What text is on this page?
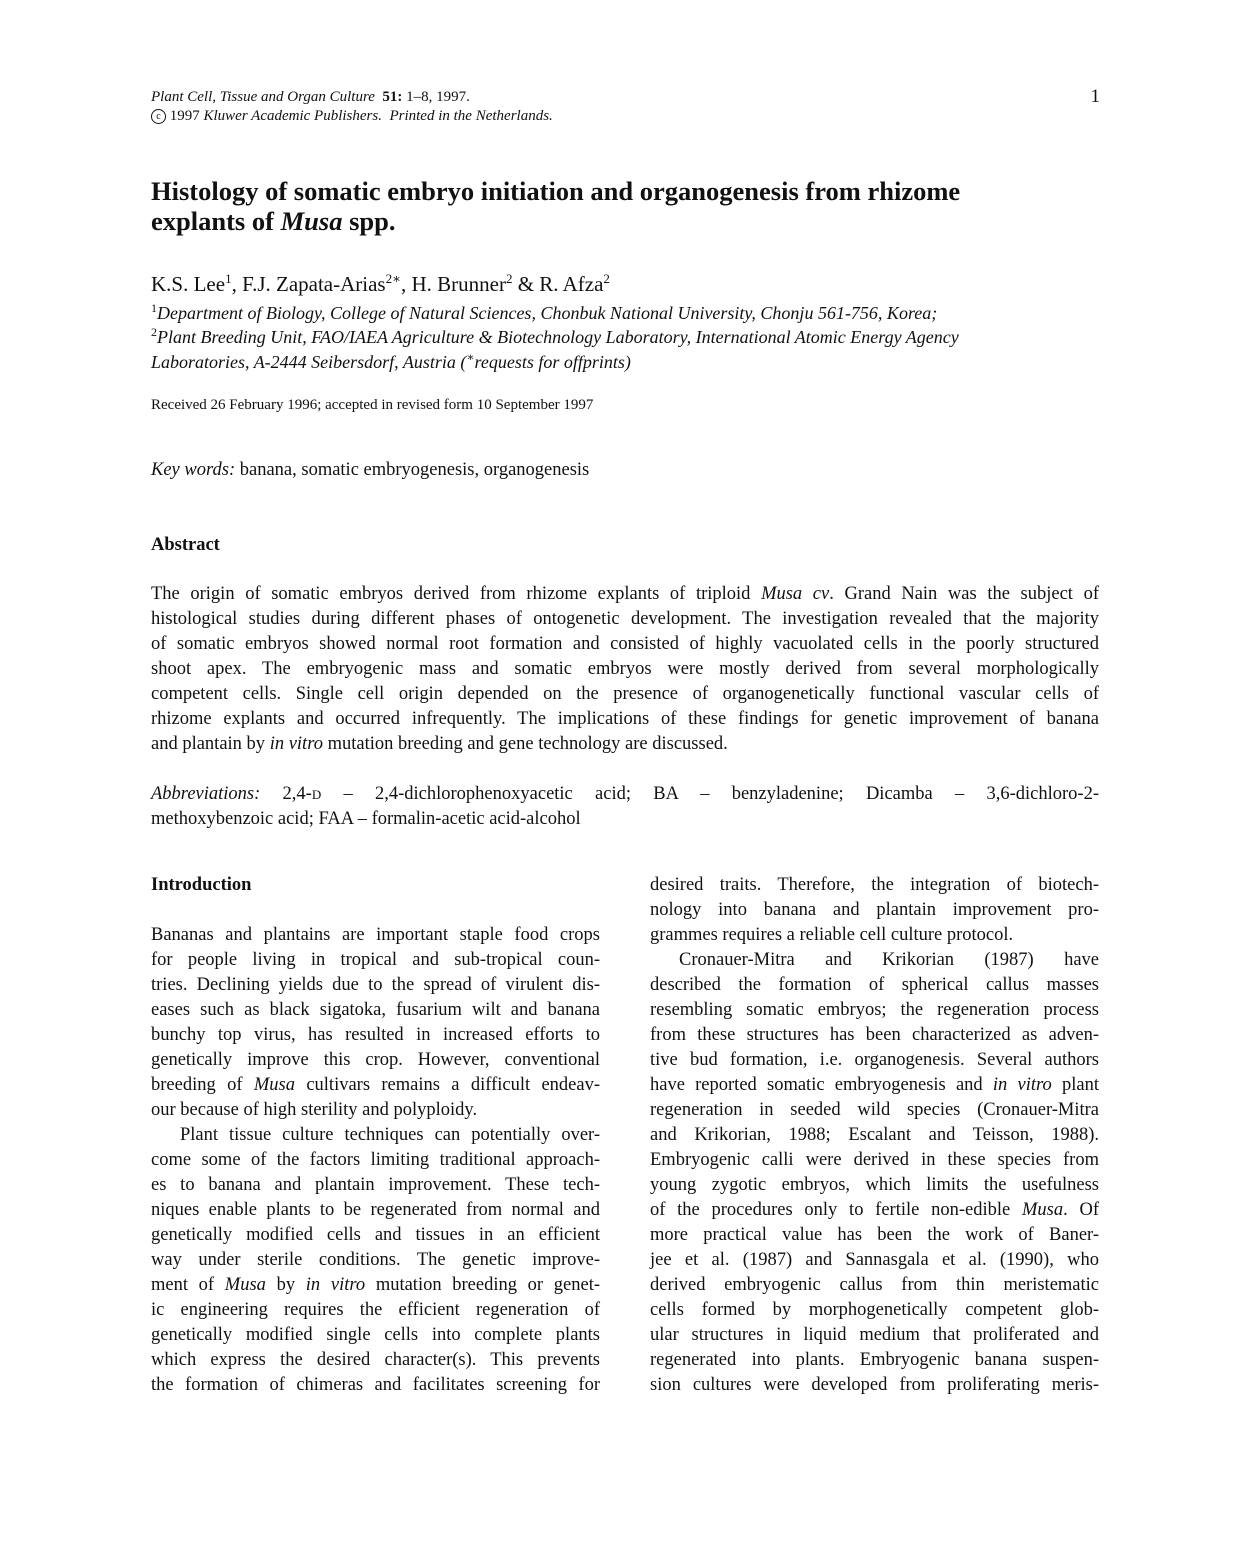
Plant Cell, Tissue and Organ Culture 51: 1–8, 1997.
c 1997 Kluwer Academic Publishers. Printed in the Netherlands.
1
Histology of somatic embryo initiation and organogenesis from rhizome
explants of Musa spp.
K.S. Lee$^1$, F.J. Zapata-Arias$^{2∗}$, H. Brunner$^2$ & R. Afza$^2$
$^1$Department of Biology, College of Natural Sciences, Chonbuk National University, Chonju 561-756, Korea;
$^2$Plant Breeding Unit, FAO/IAEA Agriculture & Biotechnology Laboratory, International Atomic Energy Agency
Laboratories, A-2444 Seibersdorf, Austria (∗requests for offprints)
Received 26 February 1996; accepted in revised form 10 September 1997
Key words: banana, somatic embryogenesis, organogenesis
Abstract
The origin of somatic embryos derived from rhizome explants of triploid Musa cv. Grand Nain was the subject of
histological studies during different phases of ontogenetic development. The investigation revealed that the majority
of somatic embryos showed normal root formation and consisted of highly vacuolated cells in the poorly structured
shoot apex. The embryogenic mass and somatic embryos were mostly derived from several morphologically
competent cells. Single cell origin depended on the presence of organogenetically functional vascular cells of
rhizome explants and occurred infrequently. The implications of these findings for genetic improvement of banana
and plantain by in vitro mutation breeding and gene technology are discussed.
Abbreviations: 2,4-d – 2,4-dichlorophenoxyacetic acid; BA – benzyladenine; Dicamba – 3,6-dichloro-2-
methoxybenzoic acid; FAA – formalin-acetic acid-alcohol
Introduction
Bananas and plantains are important staple food crops
for people living in tropical and sub-tropical coun-
tries. Declining yields due to the spread of virulent dis-
eases such as black sigatoka, fusarium wilt and banana
bunchy top virus, has resulted in increased efforts to
genetically improve this crop. However, conventional
breeding of Musa cultivars remains a difficult endeav-
our because of high sterility and polyploidy.
Plant tissue culture techniques can potentially over-
come some of the factors limiting traditional approach-
es to banana and plantain improvement. These tech-
niques enable plants to be regenerated from normal and
genetically modified cells and tissues in an efficient
way under sterile conditions. The genetic improve-
ment of Musa by in vitro mutation breeding or genet-
ic engineering requires the efficient regeneration of
genetically modified single cells into complete plants
which express the desired character(s). This prevents
the formation of chimeras and facilitates screening for
desired traits. Therefore, the integration of biotech-
nology into banana and plantain improvement pro-
grammes requires a reliable cell culture protocol.
Cronauer-Mitra and Krikorian (1987) have
described the formation of spherical callus masses
resembling somatic embryos; the regeneration process
from these structures has been characterized as adven-
tive bud formation, i.e. organogenesis. Several authors
have reported somatic embryogenesis and in vitro plant
regeneration in seeded wild species (Cronauer-Mitra
and Krikorian, 1988; Escalant and Teisson, 1988).
Embryogenic calli were derived in these species from
young zygotic embryos, which limits the usefulness
of the procedures only to fertile non-edible Musa. Of
more practical value has been the work of Baner-
jee et al. (1987) and Sannasgala et al. (1990), who
derived embryogenic callus from thin meristematic
cells formed by morphogenetically competent glob-
ular structures in liquid medium that proliferated and
regenerated into plants. Embryogenic banana suspen-
sion cultures were developed from proliferating meris-
